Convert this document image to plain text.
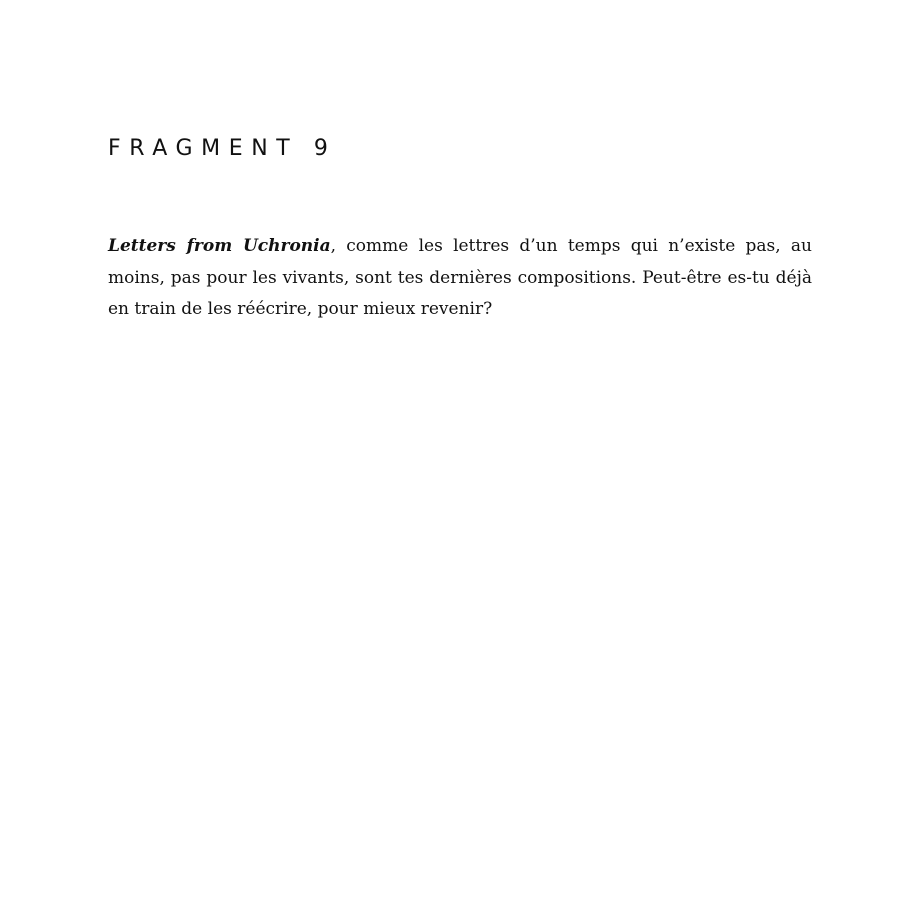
FRAGMENT 9

Letters from Uchronia, comme les lettres d’un temps qui n’existe pas, au moins, pas pour les vivants, sont tes dernières compositions. Peut-être es-tu déjà en train de les réécrire, pour mieux revenir?
